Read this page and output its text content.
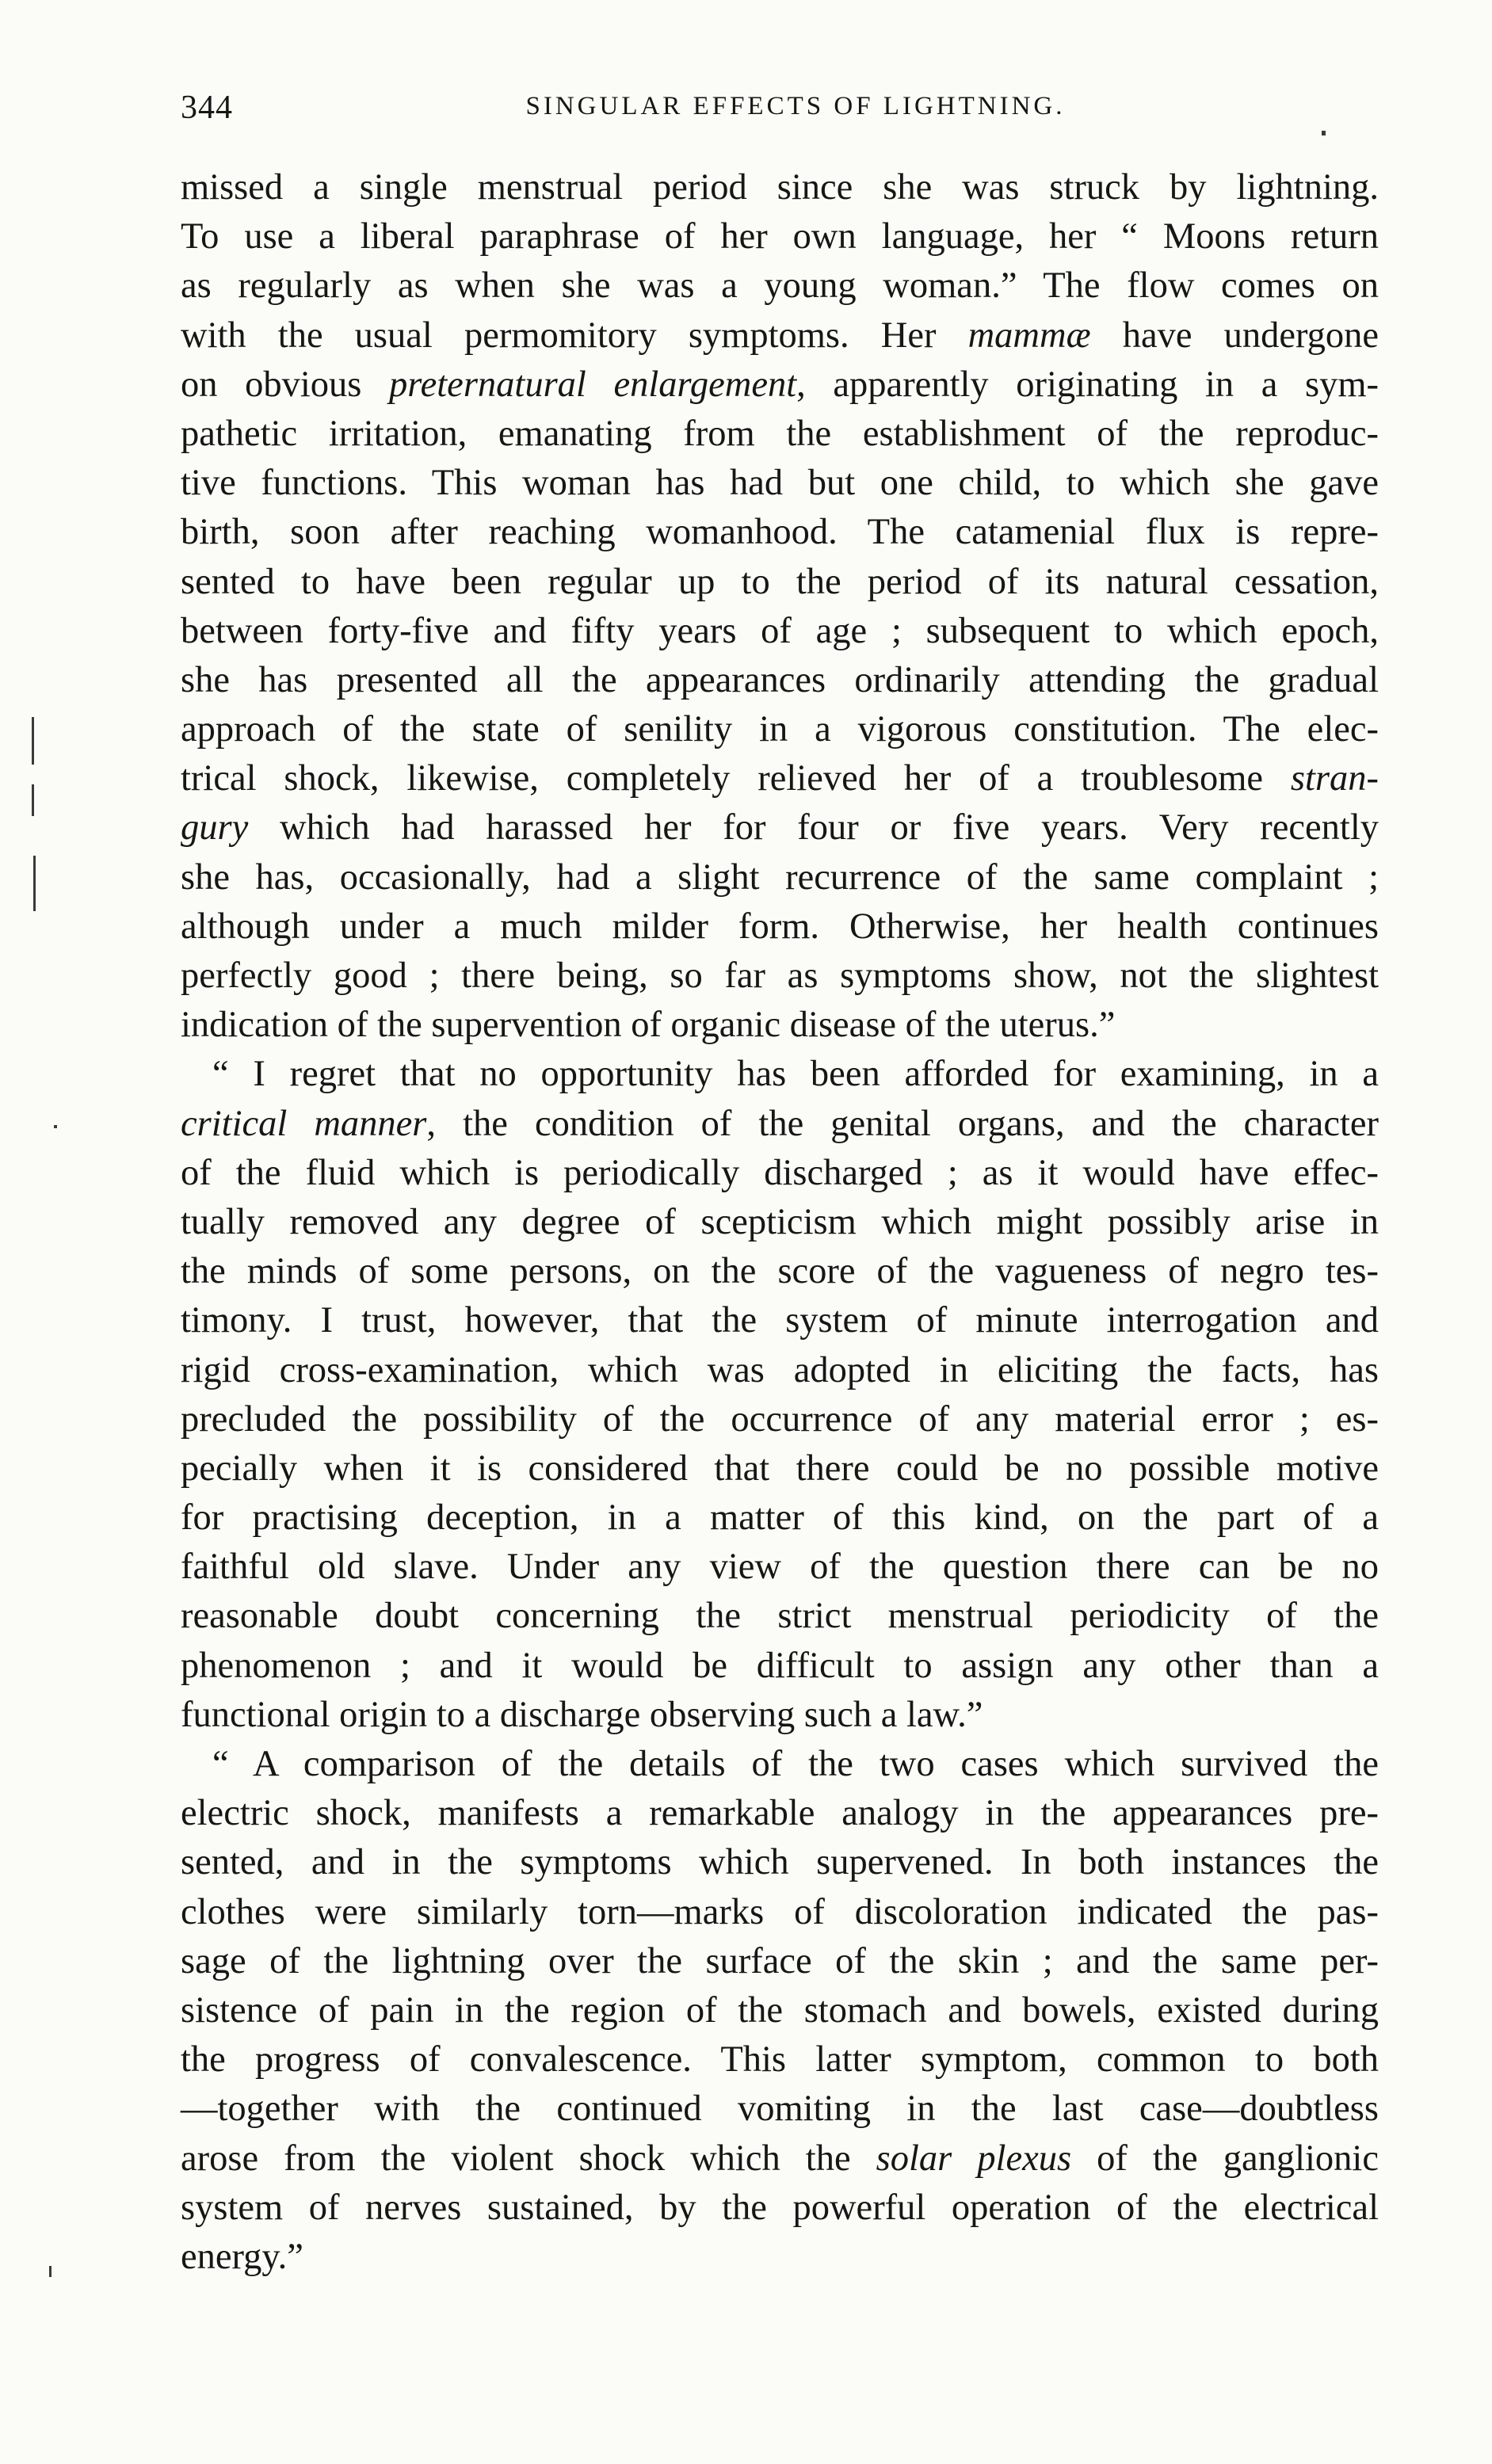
344	SINGULAR EFFECTS OF LIGHTNING.
missed a single menstrual period since she was struck by lightning.
To use a liberal paraphrase of her own language, her “ Moons return
as regularly as when she was a young woman.” The flow comes on
with the usual permomitory symptoms. Her mammæ have undergone
on obvious preternatural enlargement, apparently originating in a sym-
pathetic irritation, emanating from the establishment of the reproduc-
tive functions. This woman has had but one child, to which she gave
birth, soon after reaching womanhood. The catamenial flux is repre-
sented to have been regular up to the period of its natural cessation,
between forty-five and fifty years of age ; subsequent to which epoch,
she has presented all the appearances ordinarily attending the gradual
approach of the state of senility in a vigorous constitution. The elec-
trical shock, likewise, completely relieved her of a troublesome stran-
gury which had harassed her for four or five years. Very recently
she has, occasionally, had a slight recurrence of the same complaint ;
although under a much milder form. Otherwise, her health continues
perfectly good ; there being, so far as symptoms show, not the slightest
indication of the supervention of organic disease of the uterus.”
“ I regret that no opportunity has been afforded for examining, in a
critical manner, the condition of the genital organs, and the character
of the fluid which is periodically discharged ; as it would have effec-
tually removed any degree of scepticism which might possibly arise in
the minds of some persons, on the score of the vagueness of negro tes-
timony. I trust, however, that the system of minute interrogation and
rigid cross-examination, which was adopted in eliciting the facts, has
precluded the possibility of the occurrence of any material error ; es-
pecially when it is considered that there could be no possible motive
for practising deception, in a matter of this kind, on the part of a
faithful old slave. Under any view of the question there can be no
reasonable doubt concerning the strict menstrual periodicity of the
phenomenon ; and it would be difficult to assign any other than a
functional origin to a discharge observing such a law.”
“ A comparison of the details of the two cases which survived the
electric shock, manifests a remarkable analogy in the appearances pre-
sented, and in the symptoms which supervened. In both instances the
clothes were similarly torn—marks of discoloration indicated the pas-
sage of the lightning over the surface of the skin ; and the same per-
sistence of pain in the region of the stomach and bowels, existed during
the progress of convalescence. This latter symptom, common to both
—together with the continued vomiting in the last case—doubtless
arose from the violent shock which the solar plexus of the ganglionic
system of nerves sustained, by the powerful operation of the electrical
energy.”
